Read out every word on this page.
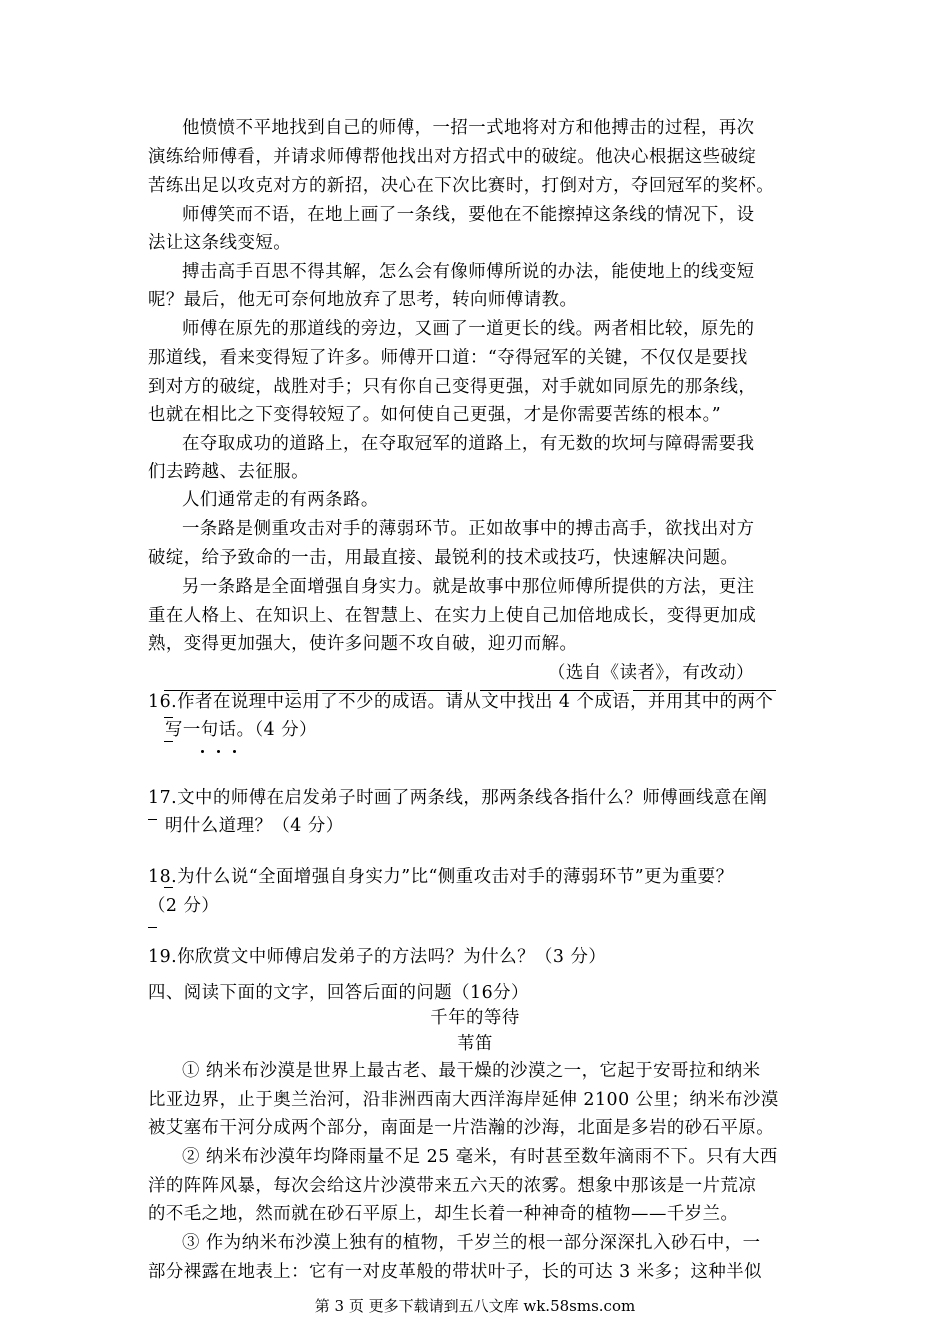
他愤愤不平地找到自己的师傅，一招一式地将对方和他搏击的过程，再次
演练给师傅看，并请求师傅帮他找出对方招式中的破绽。他决心根据这些破绽
苦练出足以攻克对方的新招，决心在下次比赛时，打倒对方，夺回冠军的奖杯。
师傅笑而不语，在地上画了一条线，要他在不能擦掉这条线的情况下，设
法让这条线变短。
搏击高手百思不得其解，怎么会有像师傅所说的办法，能使地上的线变短
呢？最后，他无可奈何地放弃了思考，转向师傅请教。
师傅在原先的那道线的旁边，又画了一道更长的线。两者相比较，原先的
那道线，看来变得短了许多。师傅开口道：“夺得冠军的关键，不仅仅是要找
到对方的破绽，战胜对手；只有你自己变得更强，对手就如同原先的那条线，
也就在相比之下变得较短了。如何使自己更强，才是你需要苦练的根本。”
在夺取成功的道路上，在夺取冠军的道路上，有无数的坎坷与障碍需要我
们去跨越、去征服。
人们通常走的有两条路。
一条路是侧重攻击对手的薄弱环节。正如故事中的搏击高手，欲找出对方
破绽，给予致命的一击，用最直接、最锐利的技术或技巧，快速解决问题。
另一条路是全面增强自身实力。就是故事中那位师傅所提供的方法，更注
重在人格上、在知识上、在智慧上、在实力上使自己加倍地成长，变得更加成
熟，变得更加强大，使许多问题不攻自破，迎刃而解。
（选自《读者》，有改动）
16.作者在说理中运用了不少的成语。请从文中找出 4 个成语，并用其中的两个
写一句话。（4 分）
17.文中的师傅在启发弟子时画了两条线，那两条线各指什么？师傅画线意在阐
明什么道理？（4 分）
18.为什么说“全面增强自身实力”比“侧重攻击对手的薄弱环节”更为重要？
（2 分）
19.你欣赏文中师傅启发弟子的方法吗？为什么？（3 分）
四、阅读下面的文字，回答后面的问题（16分）
千年的等待
苇笛
① 纳米布沙漠是世界上最古老、最干燥的沙漠之一，它起于安哥拉和纳米
比亚边界，止于奥兰治河，沿非洲西南大西洋海岸延伸 2100 公里；纳米布沙漠
被艾塞布干河分成两个部分，南面是一片浩瀚的沙海，北面是多岩的砂石平原。
② 纳米布沙漠年均降雨量不足 25 毫米，有时甚至数年滴雨不下。只有大西
洋的阵阵风暴，每次会给这片沙漠带来五六天的浓雾。想象中那该是一片荒凉
的不毛之地，然而就在砂石平原上，却生长着一种神奇的植物——千岁兰。
第 3 页 更多下载请到五八文库 wk.58sms.com
③ 作为纳米布沙漠上独有的植物，千岁兰的根一部分深深扎入砂石中，一
部分裸露在地表上：它有一对皮革般的带状叶子，长的可达 3 米多；这种半似
